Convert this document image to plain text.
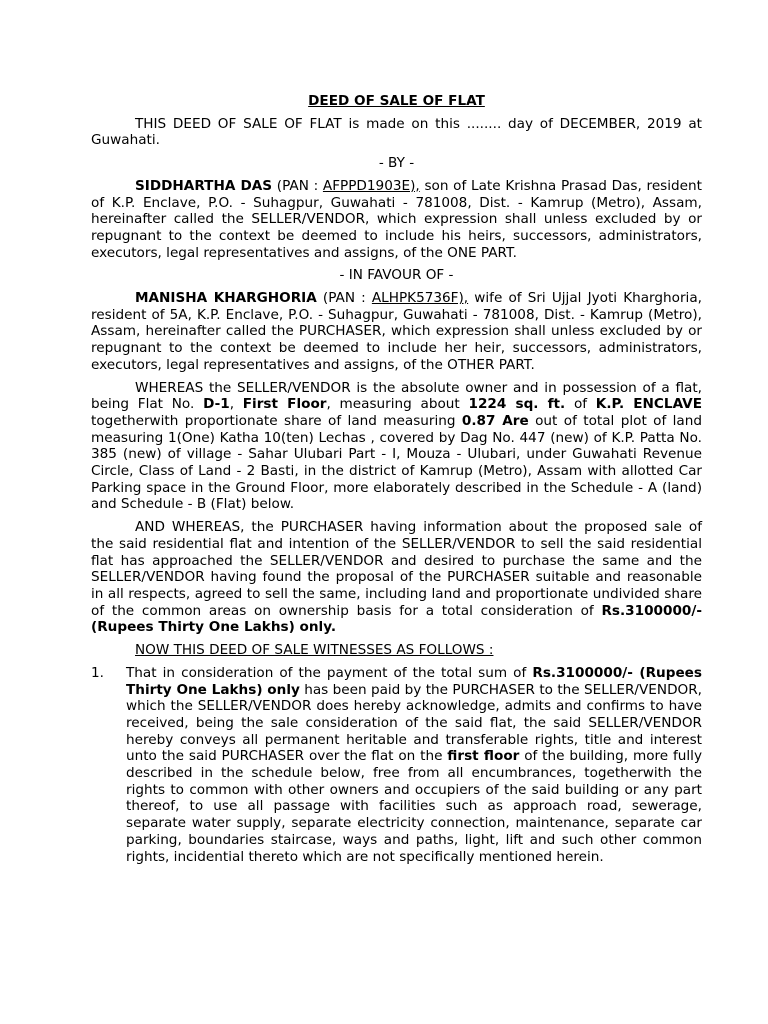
DEED OF SALE OF FLAT

THIS DEED OF SALE OF FLAT is made on this ........ day of DECEMBER, 2019 at Guwahati.

- BY -

SIDDHARTHA DAS (PAN : AFPPD1903E), son of Late Krishna Prasad Das, resident of K.P. Enclave, P.O. - Suhagpur, Guwahati - 781008, Dist. - Kamrup (Metro), Assam, hereinafter called the SELLER/VENDOR, which expression shall unless excluded by or repugnant to the context be deemed to include his heirs, successors, administrators, executors, legal representatives and assigns, of the ONE PART.

- IN FAVOUR OF -

MANISHA KHARGHORIA (PAN : ALHPK5736F), wife of Sri Ujjal Jyoti Kharghoria, resident of 5A, K.P. Enclave, P.O. - Suhagpur, Guwahati - 781008, Dist. - Kamrup (Metro), Assam, hereinafter called the PURCHASER, which expression shall unless excluded by or repugnant to the context be deemed to include her heir, successors, administrators, executors, legal representatives and assigns, of the OTHER PART.

WHEREAS the SELLER/VENDOR is the absolute owner and in possession of a flat, being Flat No. D-1, First Floor, measuring about 1224 sq. ft. of K.P. ENCLAVE togetherwith proportionate share of land measuring 0.87 Are out of total plot of land measuring 1(One) Katha 10(ten) Lechas , covered by Dag No. 447 (new) of K.P. Patta No. 385 (new) of village - Sahar Ulubari Part - I, Mouza - Ulubari, under Guwahati Revenue Circle, Class of Land - 2 Basti, in the district of Kamrup (Metro), Assam with allotted Car Parking space in the Ground Floor, more elaborately described in the Schedule - A (land) and Schedule - B (Flat) below.

AND WHEREAS, the PURCHASER having information about the proposed sale of the said residential flat and intention of the SELLER/VENDOR to sell the said residential flat has approached the SELLER/VENDOR and desired to purchase the same and the SELLER/VENDOR having found the proposal of the PURCHASER suitable and reasonable in all respects, agreed to sell the same, including land and proportionate undivided share of the common areas on ownership basis for a total consideration of Rs.3100000/- (Rupees Thirty One Lakhs) only.

NOW THIS DEED OF SALE WITNESSES AS FOLLOWS :

1.	That in consideration of the payment of the total sum of Rs.3100000/- (Rupees Thirty One Lakhs) only has been paid by the PURCHASER to the SELLER/VENDOR, which the SELLER/VENDOR does hereby acknowledge, admits and confirms to have received, being the sale consideration of the said flat, the said SELLER/VENDOR hereby conveys all permanent heritable and transferable rights, title and interest unto the said PURCHASER over the flat on the first floor of the building, more fully described in the schedule below, free from all encumbrances, togetherwith the rights to common with other owners and occupiers of the said building or any part thereof, to use all passage with facilities such as approach road, sewerage, separate water supply, separate electricity connection, maintenance, separate car parking, boundaries staircase, ways and paths, light, lift and such other common rights, incidential thereto which are not specifically mentioned herein.
